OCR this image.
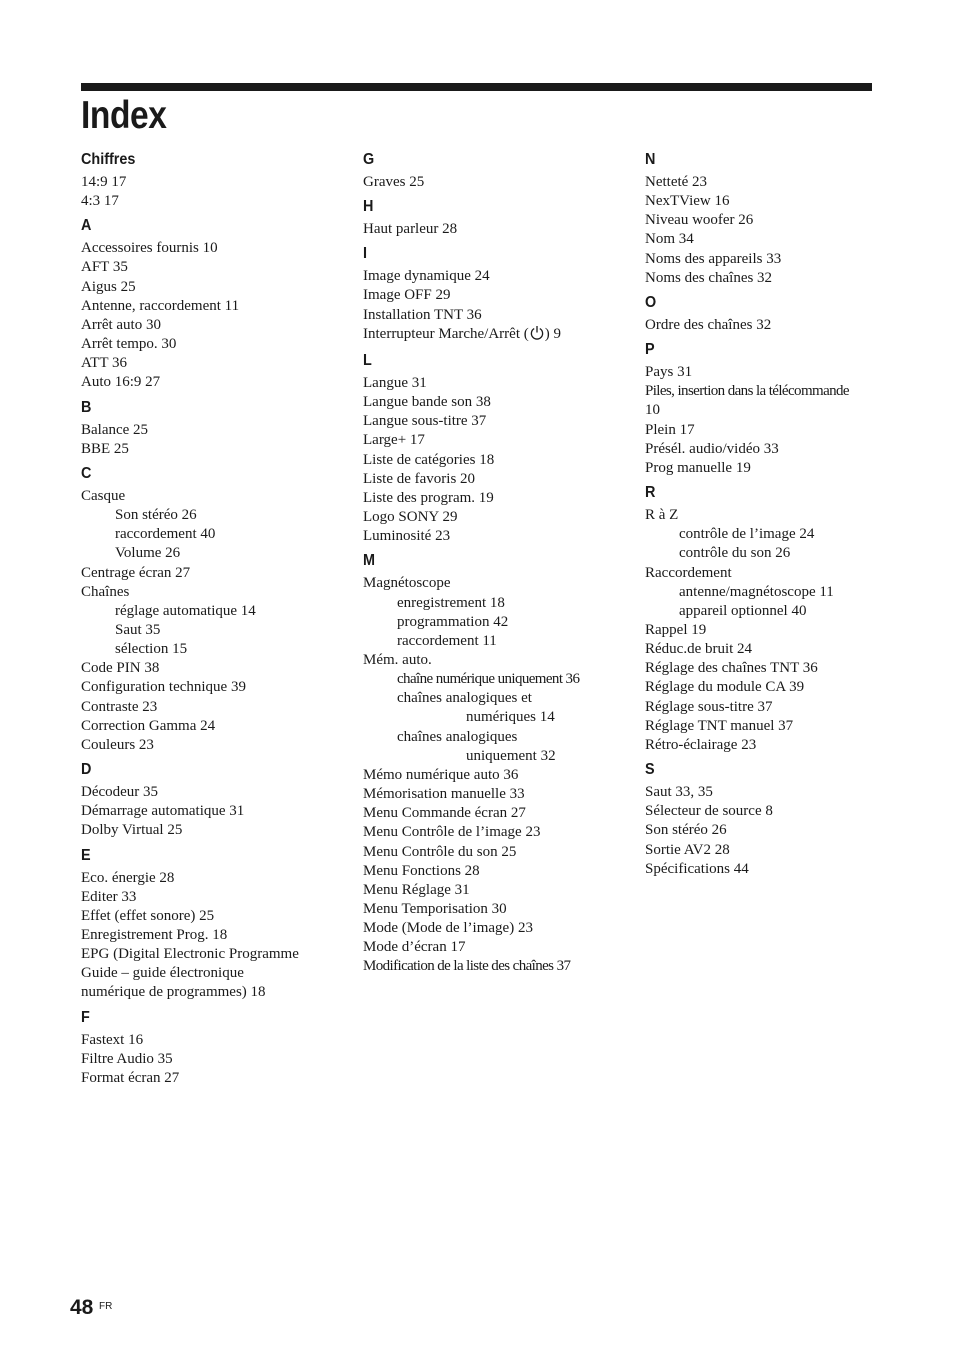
Index
Chiffres
14:9 17
4:3 17
A
Accessoires fournis 10
AFT 35
Aigus 25
Antenne, raccordement 11
Arrêt auto 30
Arrêt tempo. 30
ATT 36
Auto 16:9 27
B
Balance 25
BBE 25
C
Casque
Son stéréo 26
raccordement 40
Volume 26
Centrage écran 27
Chaînes
réglage automatique 14
Saut 35
sélection 15
Code PIN 38
Configuration technique 39
Contraste 23
Correction Gamma 24
Couleurs 23
D
Décodeur 35
Démarrage automatique 31
Dolby Virtual 25
E
Eco. énergie 28
Editer 33
Effet (effet sonore) 25
Enregistrement Prog. 18
EPG (Digital Electronic Programme
Guide – guide électronique
numérique de programmes) 18
F
Fastext 16
Filtre Audio 35
Format écran 27
G
Graves 25
H
Haut parleur 28
I
Image dynamique 24
Image OFF 29
Installation TNT 36
Interrupteur Marche/Arrêt ( ) 9
L
Langue 31
Langue bande son 38
Langue sous-titre 37
Large+ 17
Liste de catégories 18
Liste de favoris 20
Liste des program. 19
Logo SONY 29
Luminosité 23
M
Magnétoscope
enregistrement 18
programmation 42
raccordement 11
Mém. auto.
chaîne numérique uniquement 36
chaînes analogiques et
numériques 14
chaînes analogiques
uniquement 32
Mémo numérique auto 36
Mémorisation manuelle 33
Menu Commande écran 27
Menu Contrôle de l’image 23
Menu Contrôle du son 25
Menu Fonctions 28
Menu Réglage 31
Menu Temporisation 30
Mode (Mode de l’image) 23
Mode d’écran 17
Modification de la liste des chaînes 37
N
Netteté 23
NexTView 16
Niveau woofer 26
Nom 34
Noms des appareils 33
Noms des chaînes 32
O
Ordre des chaînes 32
P
Pays 31
Piles, insertion dans la télécommande
10
Plein 17
Présél. audio/vidéo 33
Prog manuelle 19
R
R à Z
contrôle de l’image 24
contrôle du son 26
Raccordement
antenne/magnétoscope 11
appareil optionnel 40
Rappel 19
Réduc.de bruit 24
Réglage des chaînes TNT 36
Réglage du module CA 39
Réglage sous-titre 37
Réglage TNT manuel 37
Rétro-éclairage 23
S
Saut 33, 35
Sélecteur de source 8
Son stéréo 26
Sortie AV2 28
Spécifications 44
48 FR
